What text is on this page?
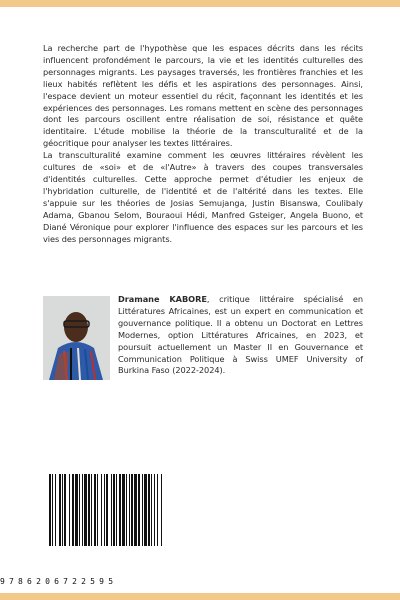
La recherche part de l'hypothèse que les espaces décrits dans les récits influencent profondément le parcours, la vie et les identités culturelles des personnages migrants. Les paysages traversés, les frontières franchies et les lieux habités reflètent les défis et les aspirations des personnages. Ainsi, l'espace devient un moteur essentiel du récit, façonnant les identités et les expériences des personnages. Les romans mettent en scène des personnages dont les parcours oscillent entre réalisation de soi, résistance et quête identitaire. L'étude mobilise la théorie de la transculturalité et de la géocritique pour analyser les textes littéraires.

La transculturalité examine comment les œuvres littéraires révèlent les cultures de «soi» et de «l'Autre» à travers des coupes transversales d'identités culturelles. Cette approche permet d'étudier les enjeux de l'hybridation culturelle, de l'identité et de l'altérité dans les textes. Elle s'appuie sur les théories de Josias Semujanga, Justin Bisanswa, Coulibaly Adama, Gbanou Selom, Bouraoui Hédi, Manfred Gsteiger, Angela Buono, et Diané Véronique pour explorer l'influence des espaces sur les parcours et les vies des personnages migrants.

Dramane KABORE, critique littéraire spécialisé en Littératures Africaines, est un expert en communication et gouvernance politique. Il a obtenu un Doctorat en Lettres Modernes, option Littératures Africaines, en 2023, et poursuit actuellement un Master II en Gouvernance et Communication Politique à Swiss UMEF University of Burkina Faso (2022-2024).
9786206722595
